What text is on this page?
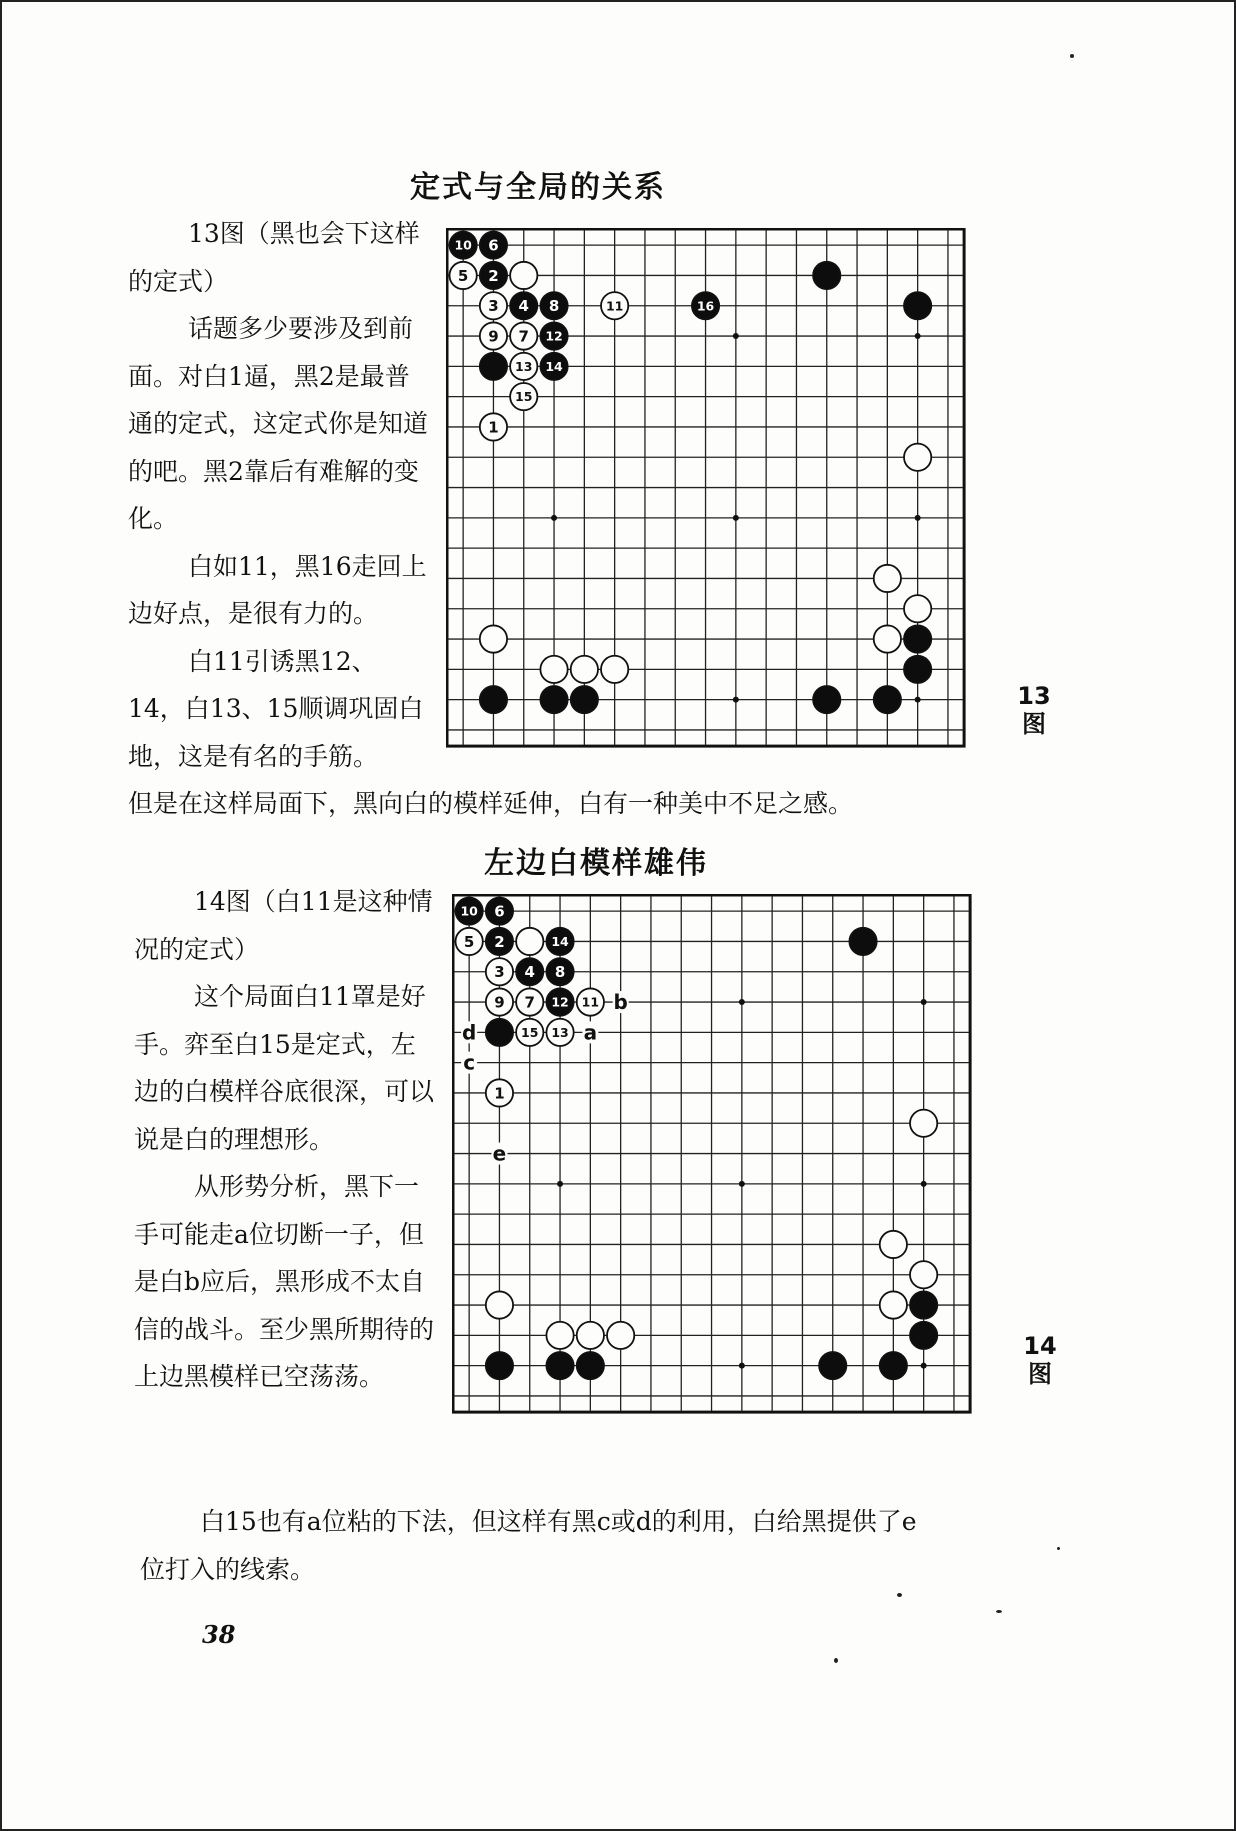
定式与全局的关系

13图（黑也会下这样的定式）

话题多少要涉及到前面。对白1逼，黑2是最普通的定式，这定式你是知道的吧。黑2靠后有难解的变化。

白如11，黑16走回上边好点，是很有力的。

白11引诱黑12、14，白13、15顺调巩固白地，这是有名的手筋。

10 6
5 2
3 4 8	11	16
9 7 12
13 14
15
1
13
图
但是在这样局面下，黑向白的模样延伸，白有一种美中不足之感。
左边白模样雄伟

14图（白11是这种情况的定式）

这个局面白11罩是好手。弈至白15是定式，左边的白模样谷底很深，可以说是白的理想形。

从形势分析，黑下一手可能走a位切断一子，但是白b应后，黑形成不太自信的战斗。至少黑所期待的上边黑模样已空荡荡。

b
d	a
c
e
10 6
5 2	14
3 4 8
9 7 12 11
15 13
1
14
图
白15也有a位粘的下法，但这样有黑c或d的利用，白给黑提供了e
位打入的线索。
38
